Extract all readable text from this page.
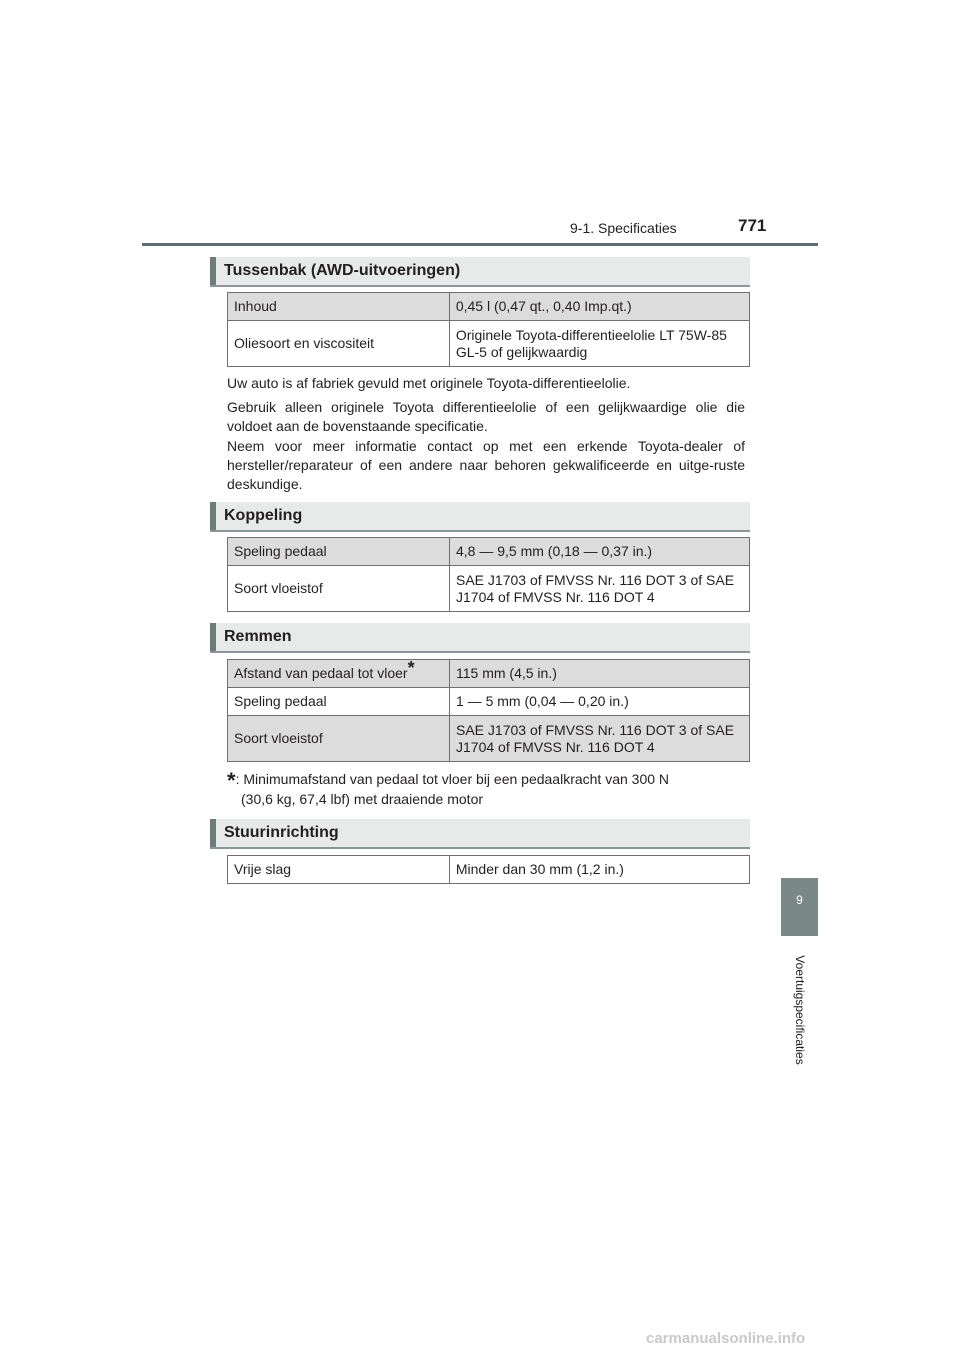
9-1. Specificaties	771
9
Voertuigspecificaties
Tussenbak (AWD-uitvoeringen)
Inhoud	0,45 l (0,47 qt., 0,40 Imp.qt.)
Oliesoort en viscositeit	Originele Toyota-differentieelolie LT 75W-85 GL-5 of gelijkwaardig

Uw auto is af fabriek gevuld met originele Toyota-differentieelolie.

Gebruik alleen originele Toyota differentieelolie of een gelijkwaardige olie die voldoet aan de bovenstaande specificatie.

Neem voor meer informatie contact op met een erkende Toyota-dealer of hersteller/reparateur of een andere naar behoren gekwalificeerde en uitge-ruste deskundige.

Koppeling
Speling pedaal	4,8 — 9,5 mm (0,18 — 0,37 in.)
Soort vloeistof	SAE J1703 of FMVSS Nr. 116 DOT 3 of SAE J1704 of FMVSS Nr. 116 DOT 4
Remmen
Afstand van pedaal tot vloer*	115 mm (4,5 in.)
Speling pedaal	1 — 5 mm (0,04 — 0,20 in.)
Soort vloeistof	SAE J1703 of FMVSS Nr. 116 DOT 3 of SAE J1704 of FMVSS Nr. 116 DOT 4
*: Minimumafstand van pedaal tot vloer bij een pedaalkracht van 300 N
(30,6 kg, 67,4 lbf) met draaiende motor
Stuurinrichting
Vrije slag	Minder dan 30 mm (1,2 in.)
carmanualsonline.info
